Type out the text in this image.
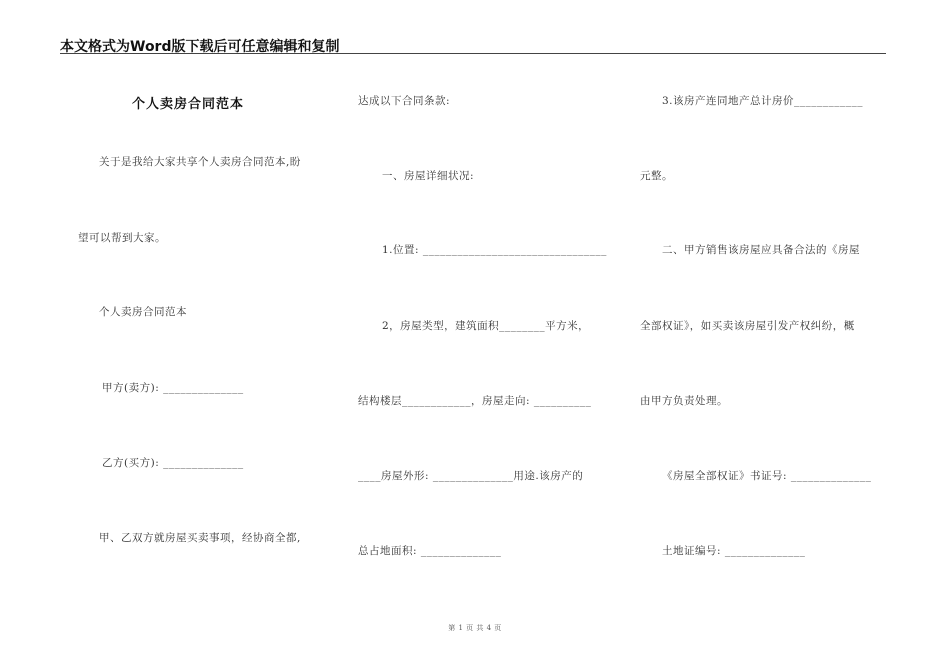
本文格式为Word版下载后可任意编辑和复制
个人卖房合同范本
关于是我给大家共享个人卖房合同范本,盼
望可以帮到大家。
个人卖房合同范本
甲方(卖方): ______________
乙方(买方): ______________
甲、乙双方就房屋买卖事项，经协商全都,
达成以下合同条款:
一、房屋详细状况:
1.位置: ________________________________
2，房屋类型，建筑面积________平方米，
结构楼层____________，房屋走向: __________
____房屋外形: ______________用途.该房产的
总占地面积: ______________
3.该房产连同地产总计房价____________
元整。
二、甲方销售该房屋应具备合法的《房屋
全部权证》，如买卖该房屋引发产权纠纷，概
由甲方负责处理。
《房屋全部权证》书证号: ______________
土地证编号: ______________
第 1 页 共 4 页
